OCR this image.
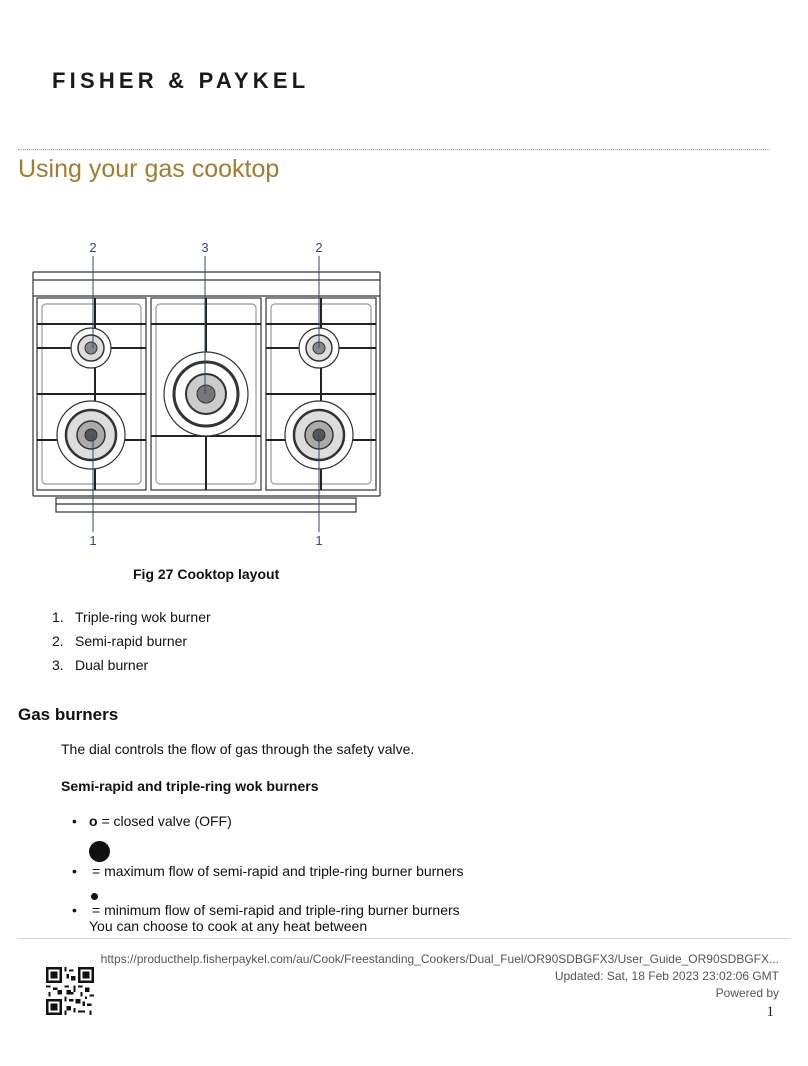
FISHER & PAYKEL
Using your gas cooktop
2	3	2
1	1
Fig 27 Cooktop layout
1. Triple-ring wok burner
2. Semi-rapid burner
3. Dual burner
Gas burners
The dial controls the flow of gas through the safety valve.
Semi-rapid and triple-ring wok burners
• o = closed valve (OFF)
• = maximum flow of semi-rapid and triple-ring burner burners
• = minimum flow of semi-rapid and triple-ring burner burners
You can choose to cook at any heat between
https://producthelp.fisherpaykel.com/au/Cook/Freestanding_Cookers/Dual_Fuel/OR90SDBGFX3/User_Guide_OR90SDBGFX...
Updated: Sat, 18 Feb 2023 23:02:06 GMT
Powered by
1
